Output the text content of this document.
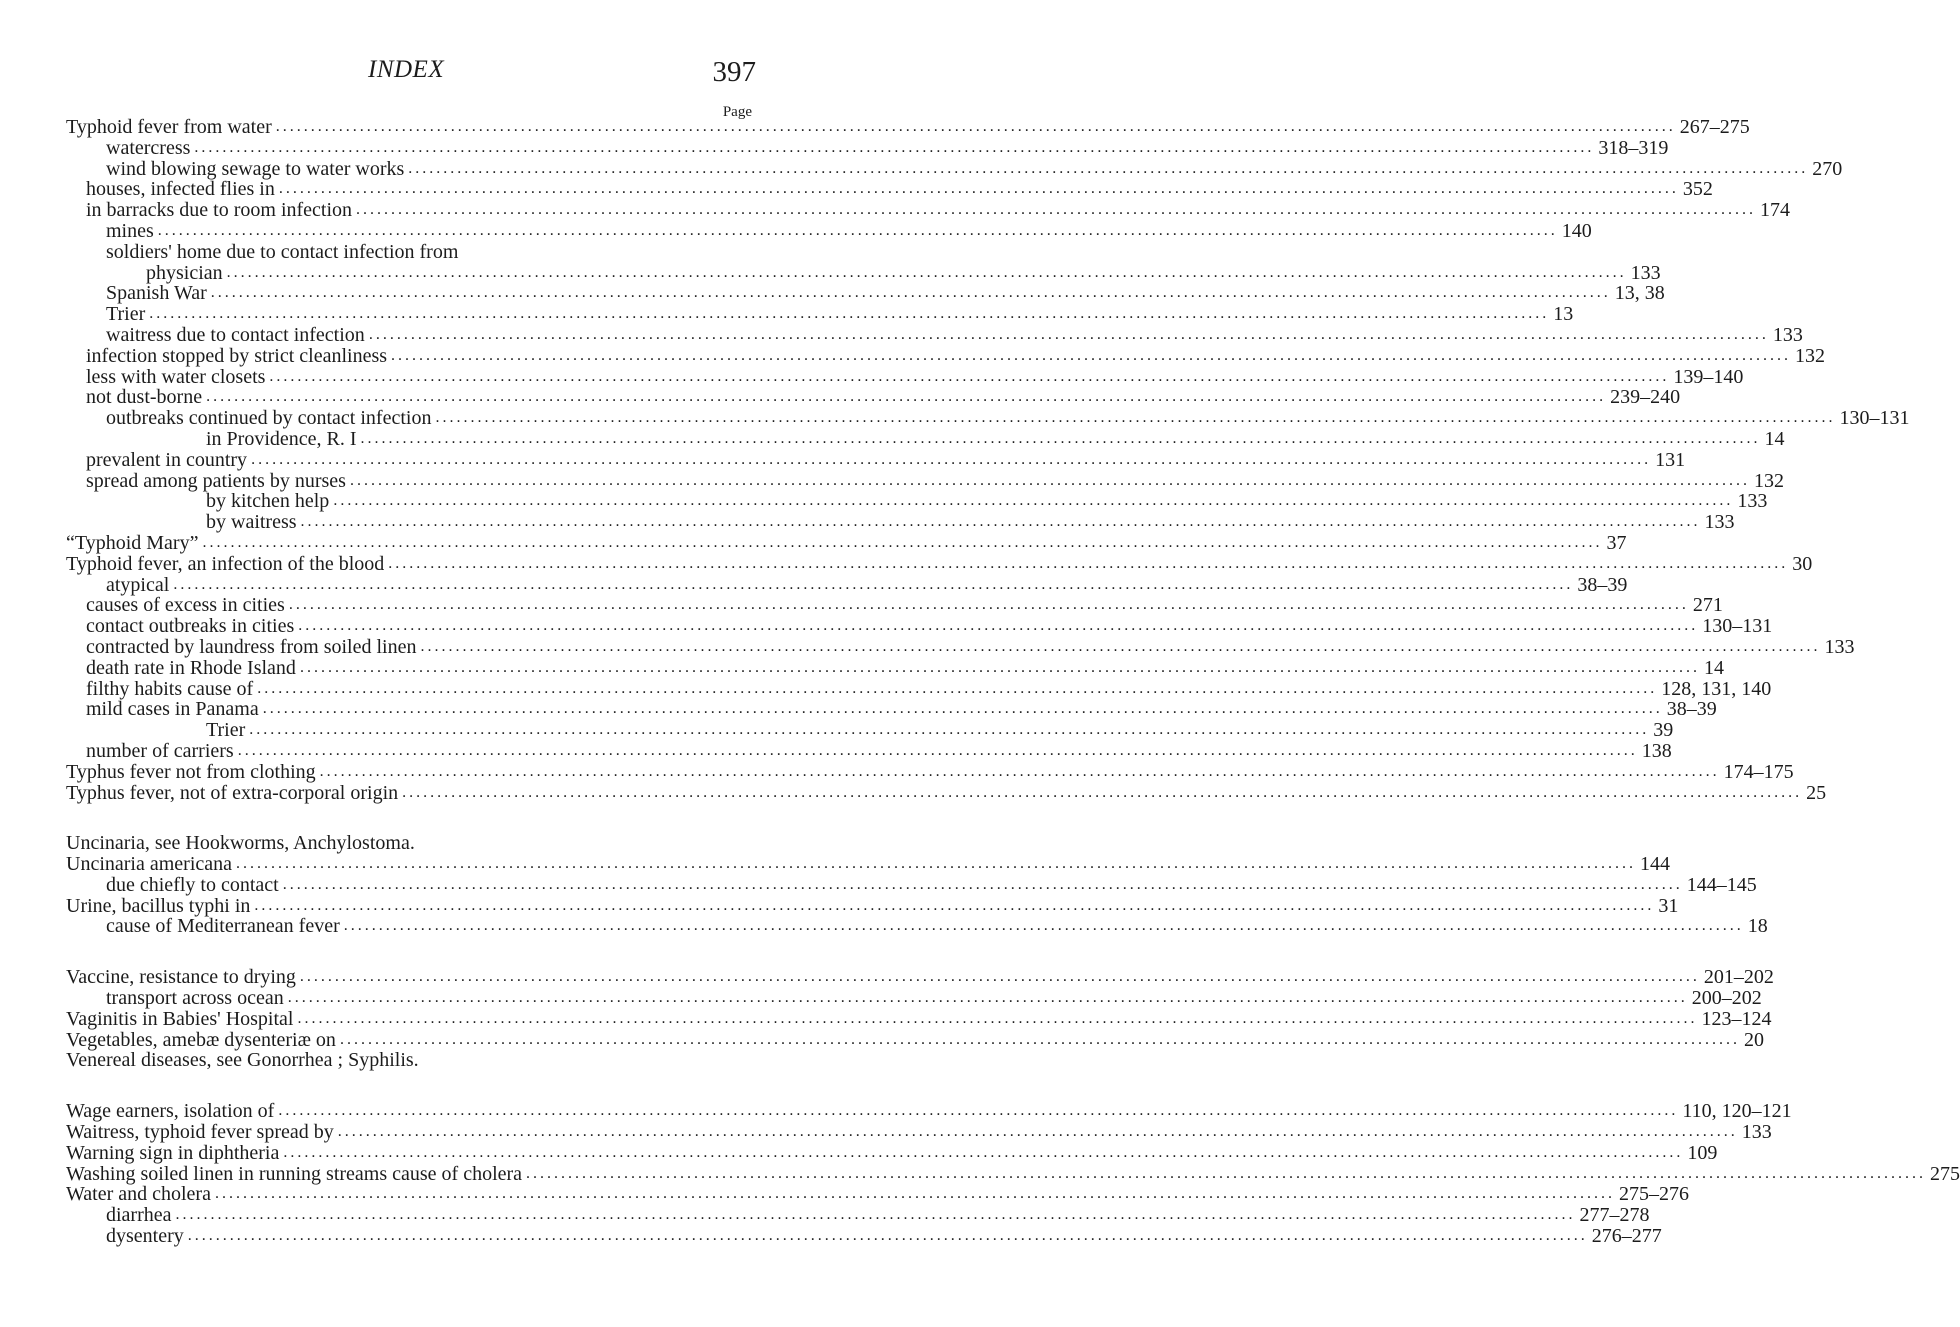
INDEX	397
Page
Typhoid fever from water ........................................................................................................................................................................................................ 267–275
watercress ........................................................................................................................................................................................................ 318–319
wind blowing sewage to water works ........................................................................................................................................................................................................ 270
houses, infected flies in ........................................................................................................................................................................................................ 352
in barracks due to room infection ........................................................................................................................................................................................................ 174
mines ........................................................................................................................................................................................................ 140
soldiers' home due to contact infection from
physician ........................................................................................................................................................................................................ 133
Spanish War ........................................................................................................................................................................................................ 13, 38
Trier ........................................................................................................................................................................................................ 13
waitress due to contact infection ........................................................................................................................................................................................................ 133
infection stopped by strict cleanliness ........................................................................................................................................................................................................ 132
less with water closets ........................................................................................................................................................................................................ 139–140
not dust-borne ........................................................................................................................................................................................................ 239–240
outbreaks continued by contact infection ........................................................................................................................................................................................................ 130–131
in Providence, R. I ........................................................................................................................................................................................................ 14
prevalent in country ........................................................................................................................................................................................................ 131
spread among patients by nurses ........................................................................................................................................................................................................ 132
by kitchen help ........................................................................................................................................................................................................ 133
by waitress ........................................................................................................................................................................................................ 133
“Typhoid Mary” ........................................................................................................................................................................................................ 37
Typhoid fever, an infection of the blood ........................................................................................................................................................................................................ 30
atypical ........................................................................................................................................................................................................ 38–39
causes of excess in cities ........................................................................................................................................................................................................ 271
contact outbreaks in cities ........................................................................................................................................................................................................ 130–131
contracted by laundress from soiled linen ........................................................................................................................................................................................................ 133
death rate in Rhode Island ........................................................................................................................................................................................................ 14
filthy habits cause of ........................................................................................................................................................................................................ 128, 131, 140
mild cases in Panama ........................................................................................................................................................................................................ 38–39
Trier ........................................................................................................................................................................................................ 39
number of carriers ........................................................................................................................................................................................................ 138
Typhus fever not from clothing ........................................................................................................................................................................................................ 174–175
Typhus fever, not of extra-corporal origin ........................................................................................................................................................................................................ 25
Uncinaria, see Hookworms, Anchylostoma.
Uncinaria americana ........................................................................................................................................................................................................ 144
due chiefly to contact ........................................................................................................................................................................................................ 144–145
Urine, bacillus typhi in ........................................................................................................................................................................................................ 31
cause of Mediterranean fever ........................................................................................................................................................................................................ 18
Vaccine, resistance to drying ........................................................................................................................................................................................................ 201–202
transport across ocean ........................................................................................................................................................................................................ 200–202
Vaginitis in Babies' Hospital ........................................................................................................................................................................................................ 123–124
Vegetables, amebæ dysenteriæ on ........................................................................................................................................................................................................ 20
Venereal diseases, see Gonorrhea ; Syphilis.
Wage earners, isolation of ........................................................................................................................................................................................................ 110, 120–121
Waitress, typhoid fever spread by ........................................................................................................................................................................................................ 133
Warning sign in diphtheria ........................................................................................................................................................................................................ 109
Washing soiled linen in running streams cause of cholera ........................................................................................................................................................................................................ 275
Water and cholera ........................................................................................................................................................................................................ 275–276
diarrhea ........................................................................................................................................................................................................ 277–278
dysentery ........................................................................................................................................................................................................ 276–277
